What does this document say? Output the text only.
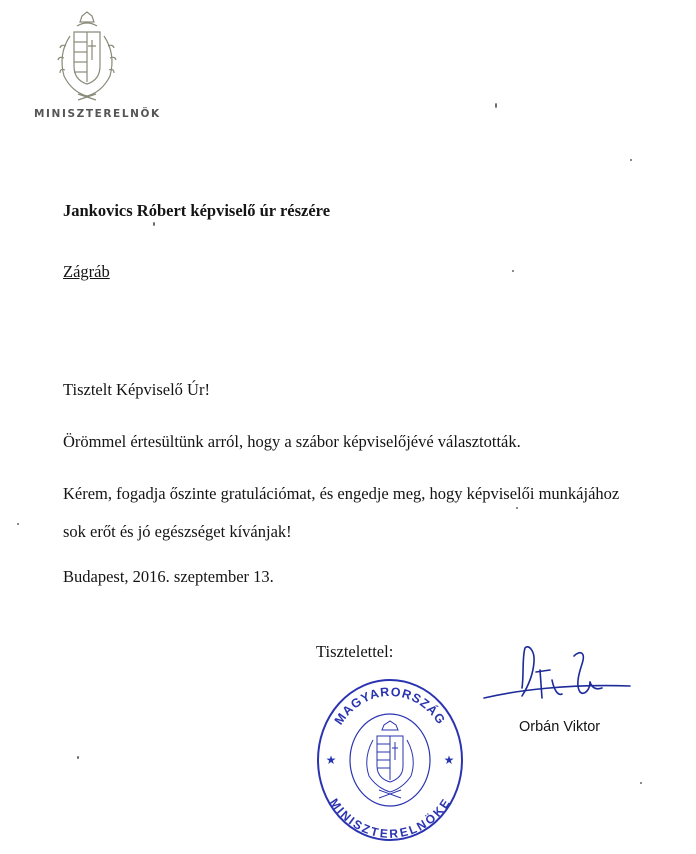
MINISZTERELNÖK
Jankovics Róbert képviselő úr részére
Zágráb
Tisztelt Képviselő Úr!
Örömmel értesültünk arról, hogy a szábor képviselőjévé választották.
Kérem, fogadja őszinte gratulációmat, és engedje meg, hogy képviselői munkájához
sok erőt és jó egészséget kívánjak!
Budapest, 2016. szeptember 13.
Tisztelettel:
MAGYARORSZÁG
MINISZTERELNÖKE
★	★
Orbán Viktor
